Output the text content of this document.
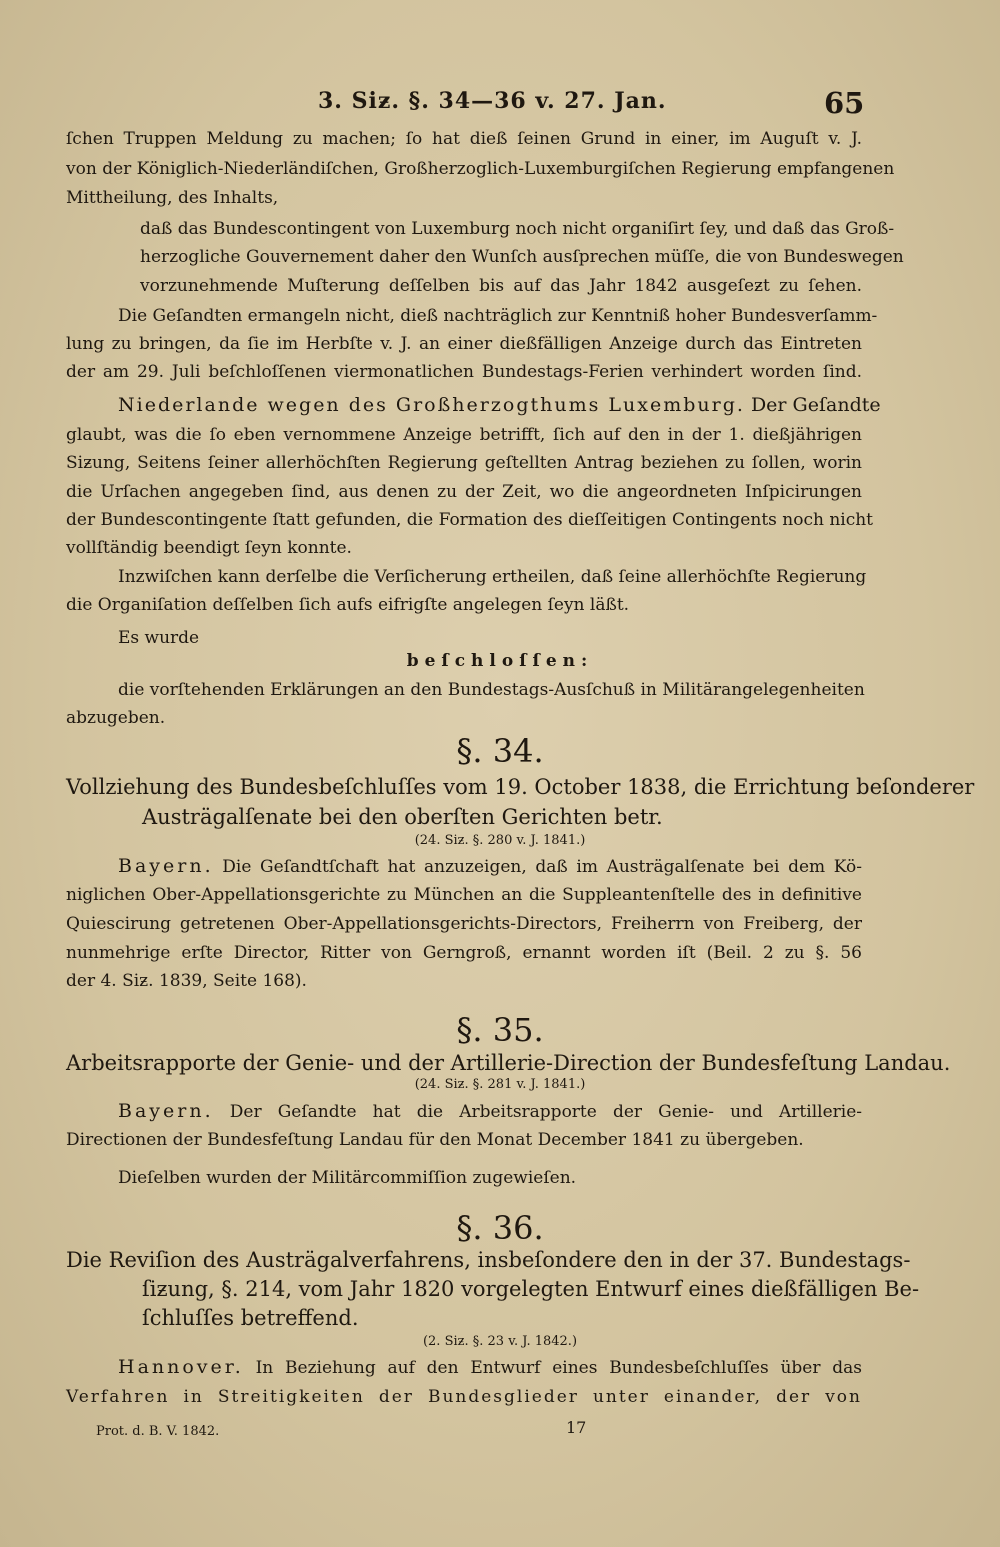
3. Siƶ. §. 34—36 v. 27. Jan.	65
ſchen Truppen Meldung zu machen; ſo hat dieß ſeinen Grund in einer, im Auguſt v. J.
von der Königlich-Niederländiſchen, Großherzoglich-Luxemburgiſchen Regierung empfangenen
Mittheilung, des Inhalts,
daß das Bundescontingent von Luxemburg noch nicht organiſirt ſey, und daß das Groß-
herzogliche Gouvernement daher den Wunſch ausſprechen müſſe, die von Bundeswegen
vorzunehmende Muſterung deſſelben bis auf das Jahr 1842 ausgeſeƶt zu ſehen.
Die Geſandten ermangeln nicht, dieß nachträglich zur Kenntniß hoher Bundesverſamm-
lung zu bringen, da ſie im Herbſte v. J. an einer dießfälligen Anzeige durch das Eintreten
der am 29. Juli beſchloſſenen viermonatlichen Bundestags-Ferien verhindert worden ſind.
Niederlande wegen des Großherzogthums Luxemburg. Der Geſandte
glaubt, was die ſo eben vernommene Anzeige betrifft, ſich auf den in der 1. dießjährigen
Siƶung, Seitens ſeiner allerhöchſten Regierung geſtellten Antrag beziehen zu ſollen, worin
die Urſachen angegeben ſind, aus denen zu der Zeit, wo die angeordneten Inſpicirungen
der Bundescontingente ſtatt gefunden, die Formation des dieſſeitigen Contingents noch nicht
vollſtändig beendigt ſeyn konnte.
Inzwiſchen kann derſelbe die Verſicherung ertheilen, daß ſeine allerhöchſte Regierung
die Organiſation deſſelben ſich aufs eifrigſte angelegen ſeyn läßt.
Es wurde
beſchloſſen:
die vorſtehenden Erklärungen an den Bundestags-Ausſchuß in Militärangelegenheiten
abzugeben.
§. 34.
Vollziehung des Bundesbeſchluſſes vom 19. October 1838, die Errichtung beſonderer
Austrägalſenate bei den oberſten Gerichten betr.
(24. Siƶ. §. 280 v. J. 1841.)
Bayern. Die Geſandtſchaft hat anzuzeigen, daß im Austrägalſenate bei dem Kö-
niglichen Ober-Appellationsgerichte zu München an die Suppleantenſtelle des in definitive
Quiescirung getretenen Ober-Appellationsgerichts-Directors, Freiherrn von Freiberg, der
nunmehrige erſte Director, Ritter von Gerngroß, ernannt worden iſt (Beil. 2 zu §. 56
der 4. Siƶ. 1839, Seite 168).
§. 35.
Arbeitsrapporte der Genie- und der Artillerie-Direction der Bundesfeſtung Landau.
(24. Siƶ. §. 281 v. J. 1841.)
Bayern. Der Geſandte hat die Arbeitsrapporte der Genie- und Artillerie-
Directionen der Bundesfeſtung Landau für den Monat December 1841 zu übergeben.
Dieſelben wurden der Militärcommiſſion zugewieſen.
§. 36.
Die Reviſion des Austrägalverfahrens, insbeſondere den in der 37. Bundestags-
ſiƶung, §. 214, vom Jahr 1820 vorgelegten Entwurf eines dießfälligen Be-
ſchluſſes betreffend.
(2. Siƶ. §. 23 v. J. 1842.)
Hannover. In Beziehung auf den Entwurf eines Bundesbeſchluſſes über das
Verfahren in Streitigkeiten der Bundesglieder unter einander, der von
Prot. d. B. V. 1842.	17
